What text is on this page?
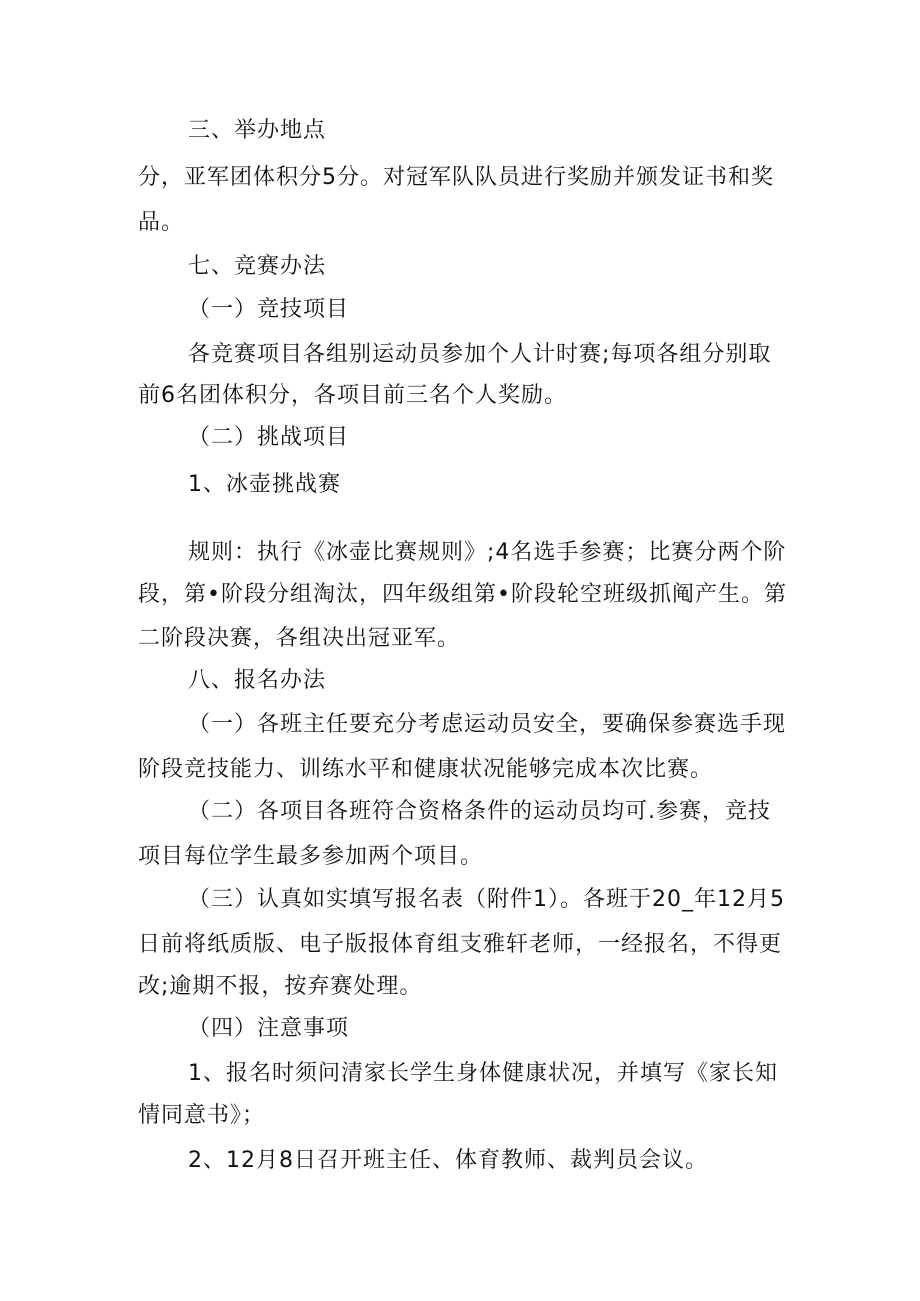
三、举办地点

分，亚军团体积分5分。对冠军队队员进行奖励并颁发证书和奖

品。

七、竞赛办法

（一）竞技项目

各竞赛项目各组别运动员参加个人计时赛;每项各组分别取

前6名团体积分，各项目前三名个人奖励。

（二）挑战项目

1、冰壶挑战赛

规则：执行《冰壶比赛规则》;4名选手参赛；比赛分两个阶

段，第•阶段分组淘汰，四年级组第•阶段轮空班级抓阄产生。第

二阶段决赛，各组决出冠亚军。

八、报名办法

（一）各班主任要充分考虑运动员安全，要确保参赛选手现

阶段竞技能力、训练水平和健康状况能够完成本次比赛。

（二）各项目各班符合资格条件的运动员均可.参赛，竞技

项目每位学生最多参加两个项目。

（三）认真如实填写报名表（附件1）。各班于20_年12月5

日前将纸质版、电子版报体育组支雅轩老师，一经报名，不得更

改;逾期不报，按弃赛处理。

（四）注意事项

1、报名时须问清家长学生身体健康状况，并填写《家长知

情同意书》；

2、12月8日召开班主任、体育教师、裁判员会议。
